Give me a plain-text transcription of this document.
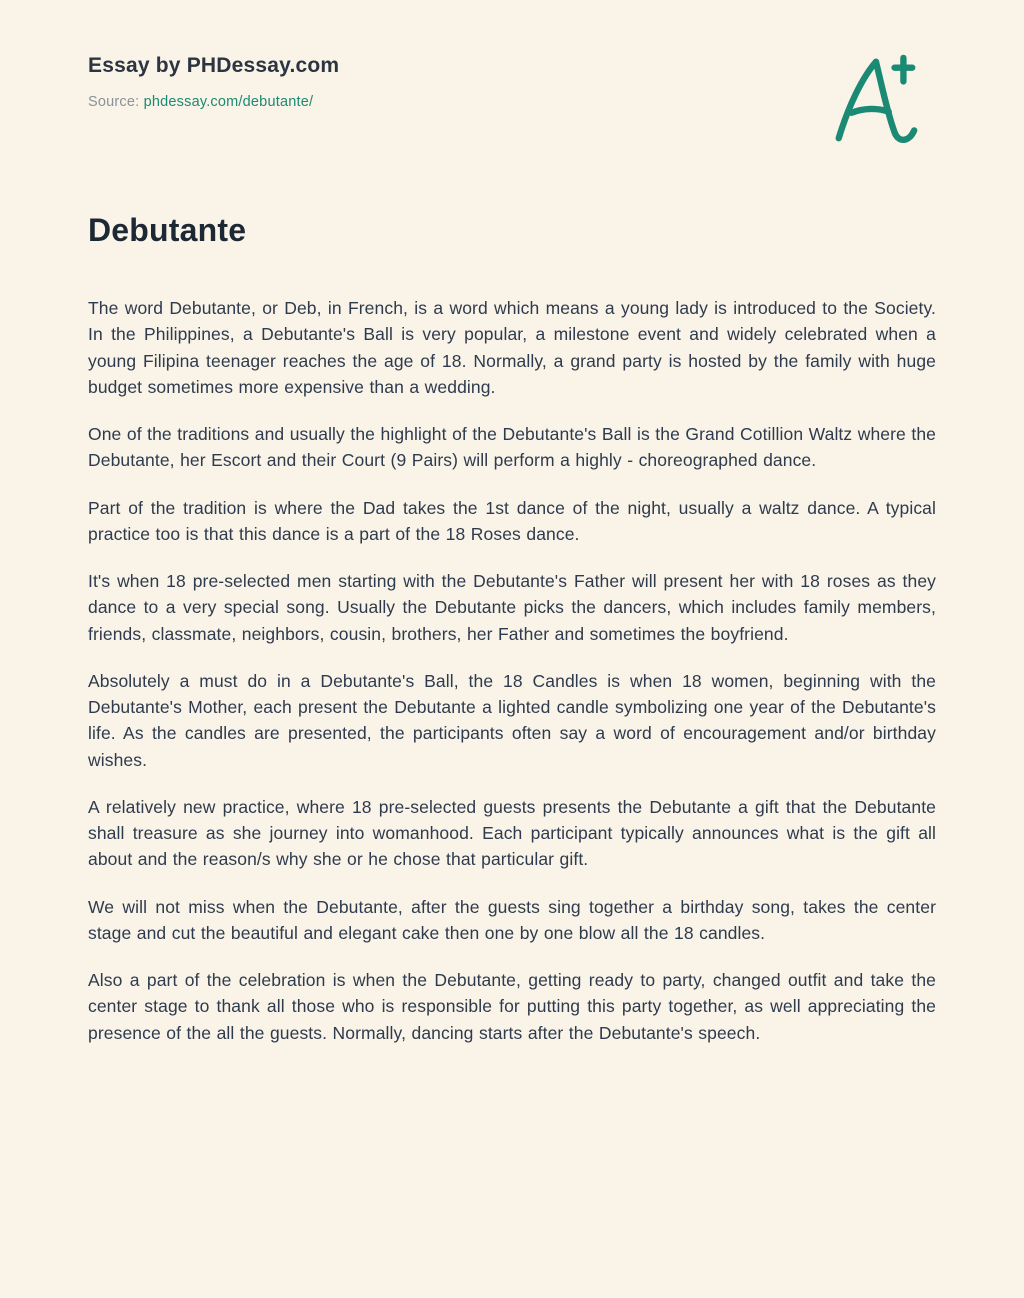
Essay by PHDessay.com
Source: phdessay.com/debutante/
Debutante

The word Debutante, or Deb, in French, is a word which means a young lady is introduced to the Society. In the Philippines, a Debutante's Ball is very popular, a milestone event and widely celebrated when a young Filipina teenager reaches the age of 18. Normally, a grand party is hosted by the family with huge budget sometimes more expensive than a wedding.

One of the traditions and usually the highlight of the Debutante's Ball is the Grand Cotillion Waltz where the Debutante, her Escort and their Court (9 Pairs) will perform a highly - choreographed dance.

Part of the tradition is where the Dad takes the 1st dance of the night, usually a waltz dance. A typical practice too is that this dance is a part of the 18 Roses dance.

It's when 18 pre-selected men starting with the Debutante's Father will present her with 18 roses as they dance to a very special song. Usually the Debutante picks the dancers, which includes family members, friends, classmate, neighbors, cousin, brothers, her Father and sometimes the boyfriend.

Absolutely a must do in a Debutante's Ball, the 18 Candles is when 18 women, beginning with the Debutante's Mother, each present the Debutante a lighted candle symbolizing one year of the Debutante's life. As the candles are presented, the participants often say a word of encouragement and/or birthday wishes.

A relatively new practice, where 18 pre-selected guests presents the Debutante a gift that the Debutante shall treasure as she journey into womanhood. Each participant typically announces what is the gift all about and the reason/s why she or he chose that particular gift.

We will not miss when the Debutante, after the guests sing together a birthday song, takes the center stage and cut the beautiful and elegant cake then one by one blow all the 18 candles.

Also a part of the celebration is when the Debutante, getting ready to party, changed outfit and take the center stage to thank all those who is responsible for putting this party together, as well appreciating the presence of the all the guests. Normally, dancing starts after the Debutante's speech.
